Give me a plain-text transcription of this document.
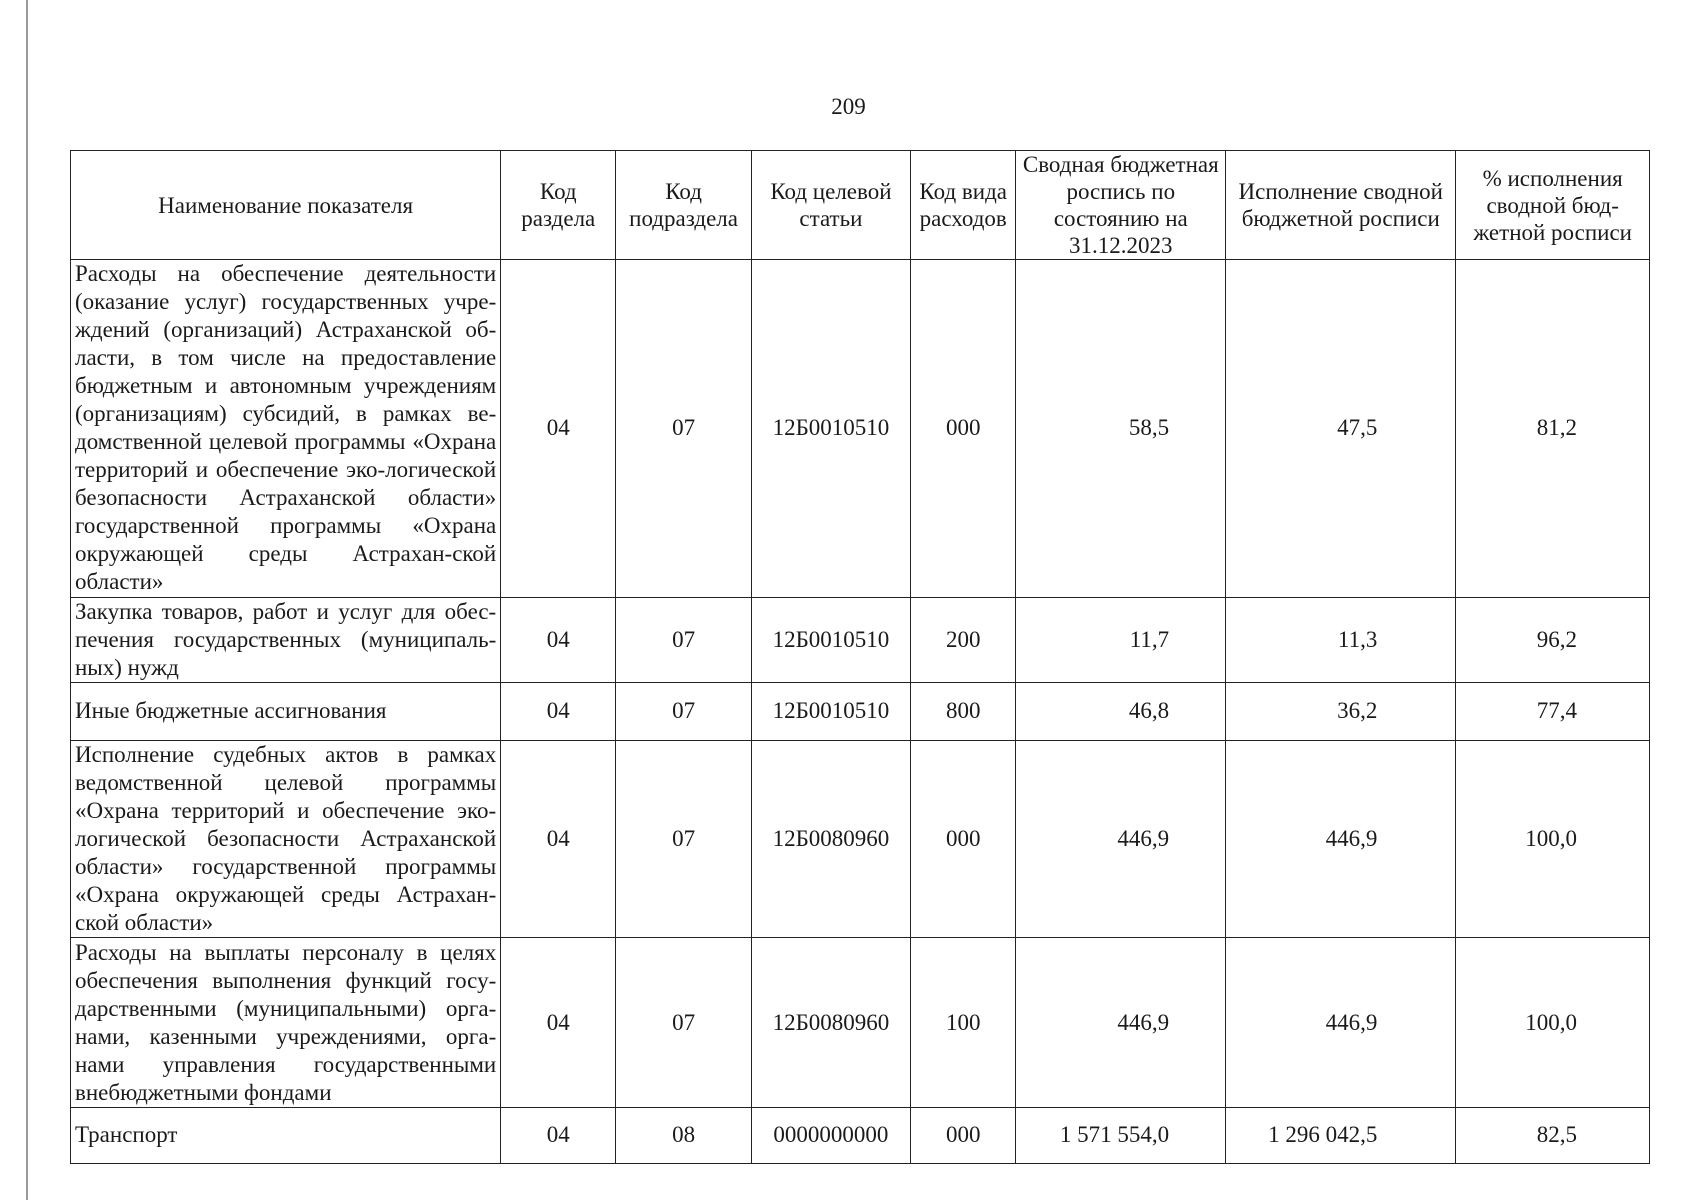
209
Наименование показателя	Код раздела	Код подраздела	Код целевой статьи	Код вида расходов	Сводная бюджетная роспись по состоянию на 31.12.2023	Исполнение сводной бюджетной росписи	% исполнения сводной бюд-жетной росписи
Расходы на обеспечение деятельности (оказание услуг) государственных учре-ждений (организаций) Астраханской об-ласти, в том числе на предоставление бюджетным и автономным учреждениям (организациям) субсидий, в рамках ве-домственной целевой программы «Охрана территорий и обеспечение эко-логической безопасности Астраханской области» государственной программы «Охрана окружающей среды Астрахан-ской области»	04	07	12Б0010510	000	58,5	47,5	81,2
Закупка товаров, работ и услуг для обес-печения государственных (муниципаль-ных) нужд	04	07	12Б0010510	200	11,7	11,3	96,2
Иные бюджетные ассигнования	04	07	12Б0010510	800	46,8	36,2	77,4
Исполнение судебных актов в рамках ведомственной целевой программы «Охрана территорий и обеспечение эко-логической безопасности Астраханской области» государственной программы «Охрана окружающей среды Астрахан-ской области»	04	07	12Б0080960	000	446,9	446,9	100,0
Расходы на выплаты персоналу в целях обеспечения выполнения функций госу-дарственными (муниципальными) орга-нами, казенными учреждениями, орга-нами управления государственными внебюджетными фондами	04	07	12Б0080960	100	446,9	446,9	100,0
Транспорт	04	08	0000000000	000	1 571 554,0	1 296 042,5	82,5
